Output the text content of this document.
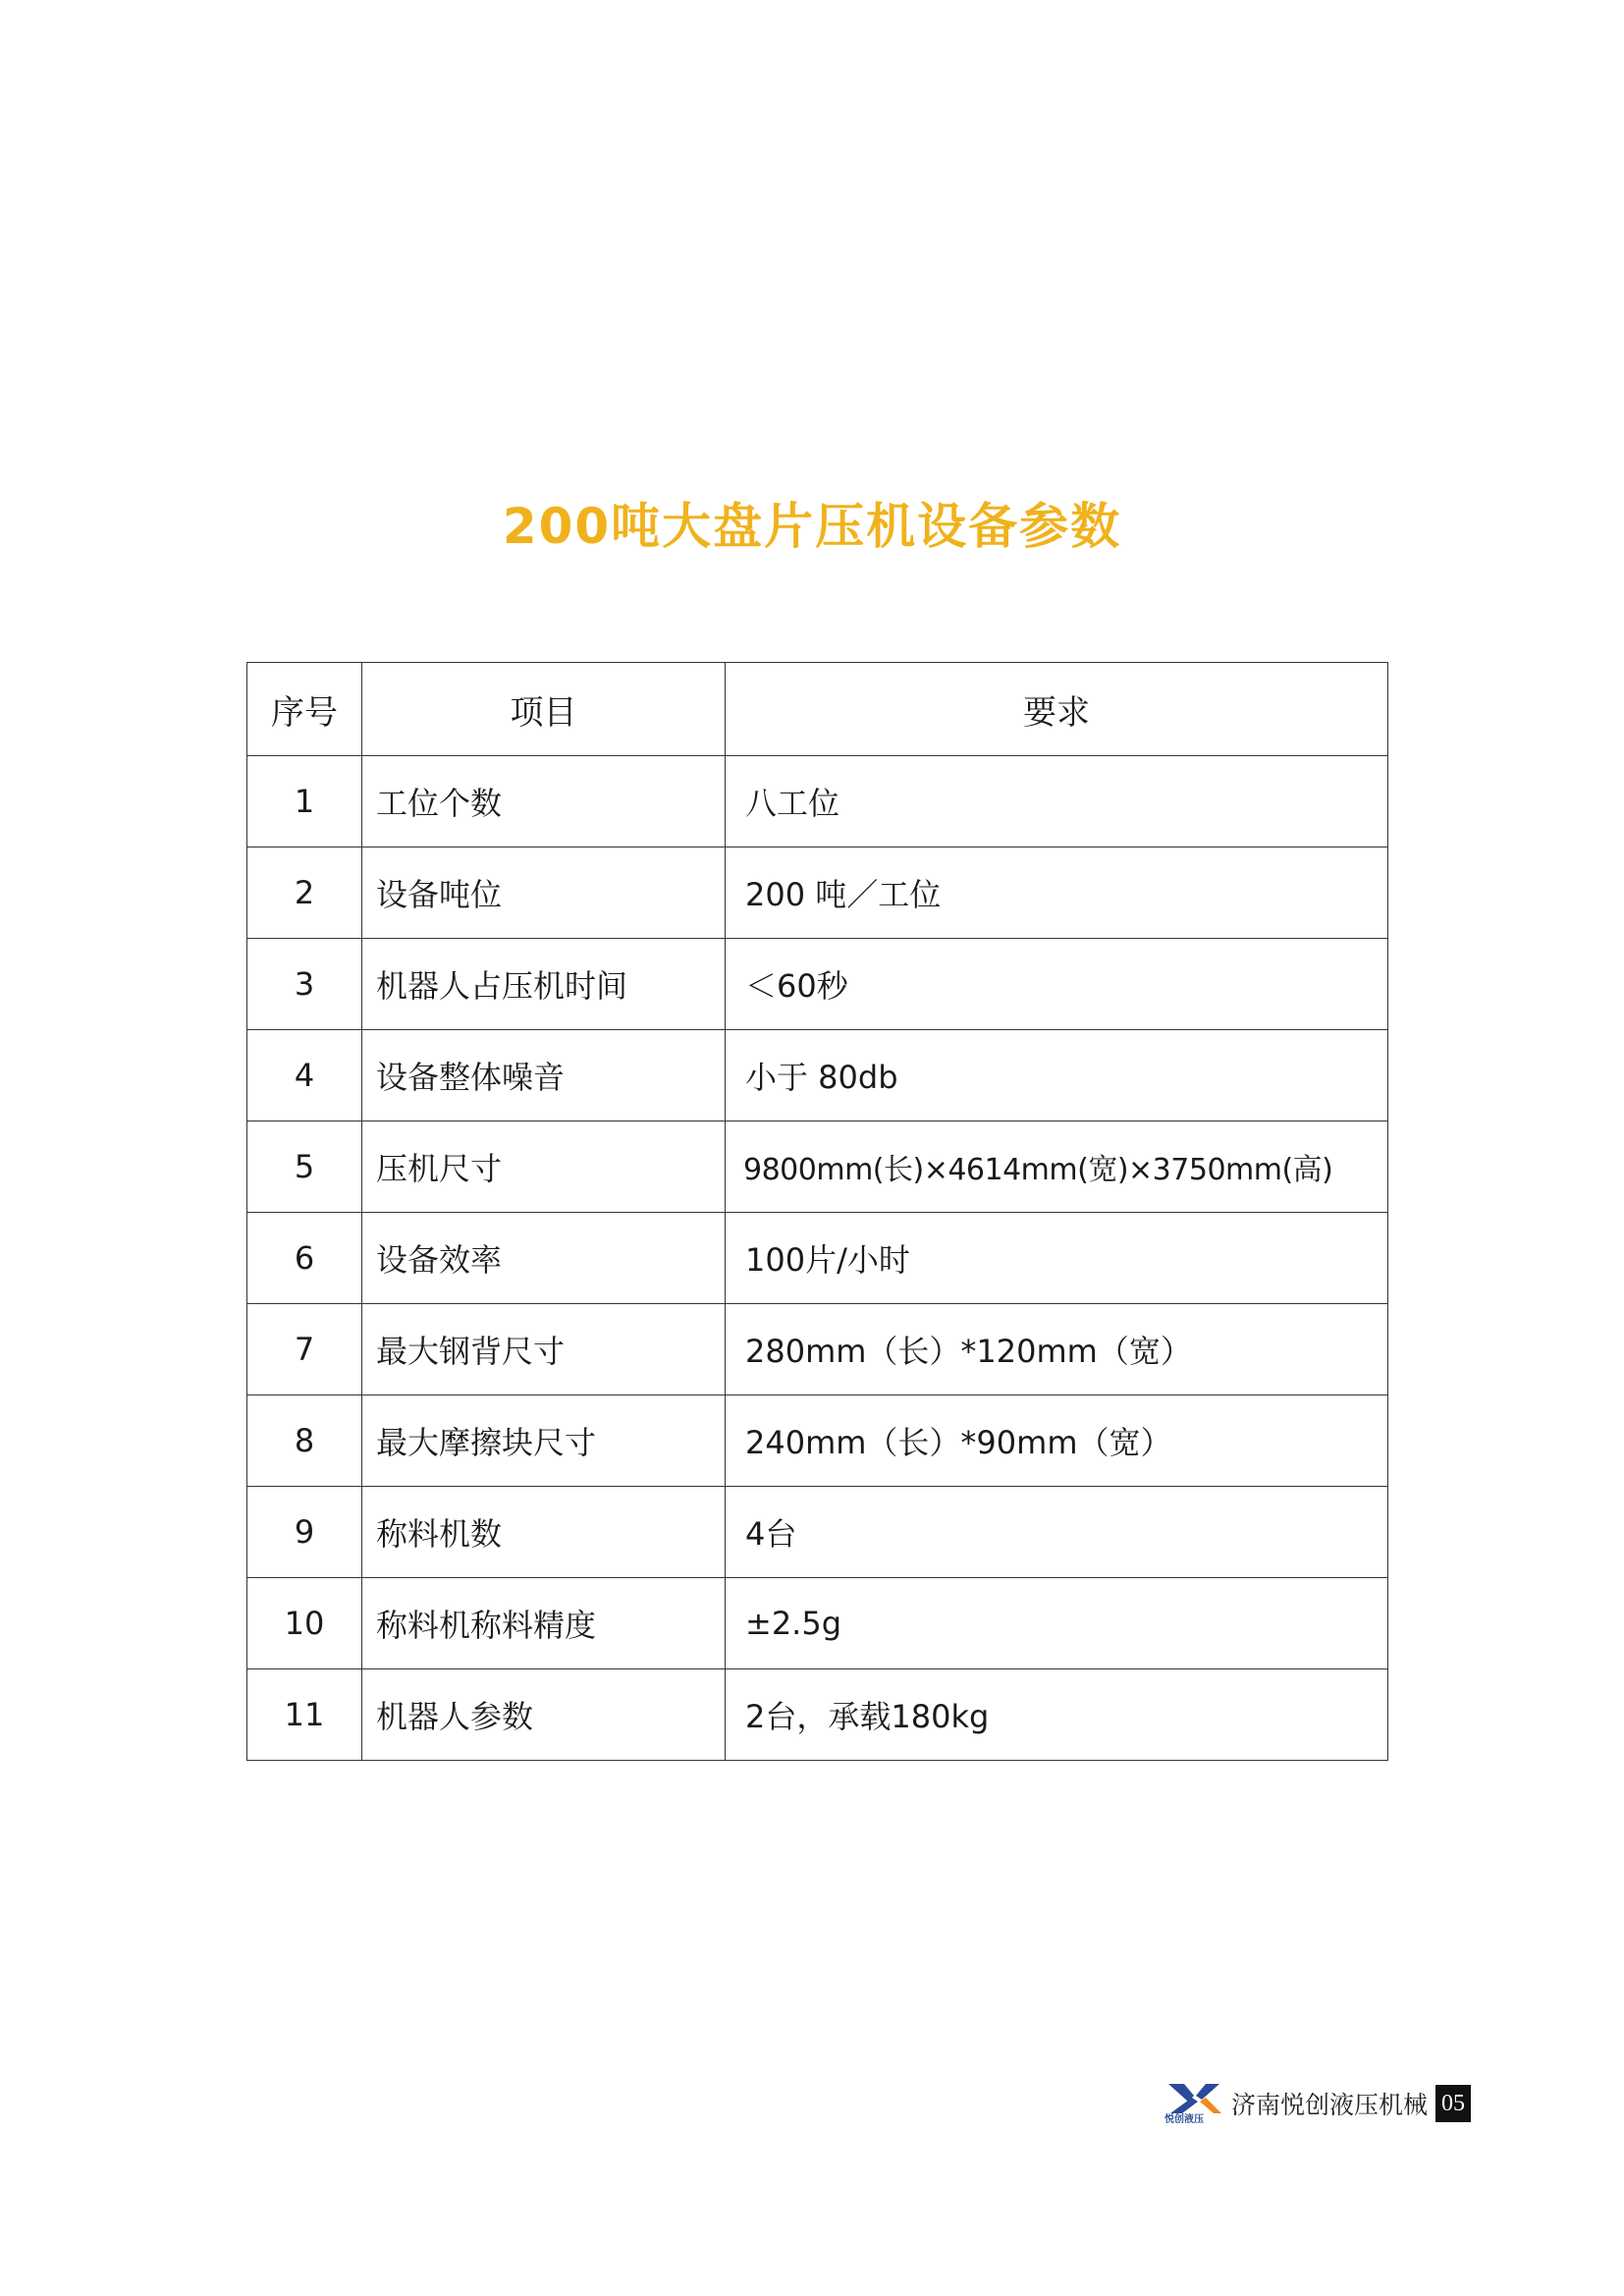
200吨大盘片压机设备参数
序号	项目	要求
1	工位个数	八工位
2	设备吨位	200 吨／工位
3	机器人占压机时间	＜60秒
4	设备整体噪音	小于 80db
5	压机尺寸	9800mm(长)×4614mm(宽)×3750mm(高)
6	设备效率	100片/小时
7	最大钢背尺寸	280mm（长）*120mm（宽）
8	最大摩擦块尺寸	240mm（长）*90mm（宽）
9	称料机数	4台
10	称料机称料精度	±2.5g
11	机器人参数	2台，承载180kg
悦创液压
济南悦创液压机械 05
